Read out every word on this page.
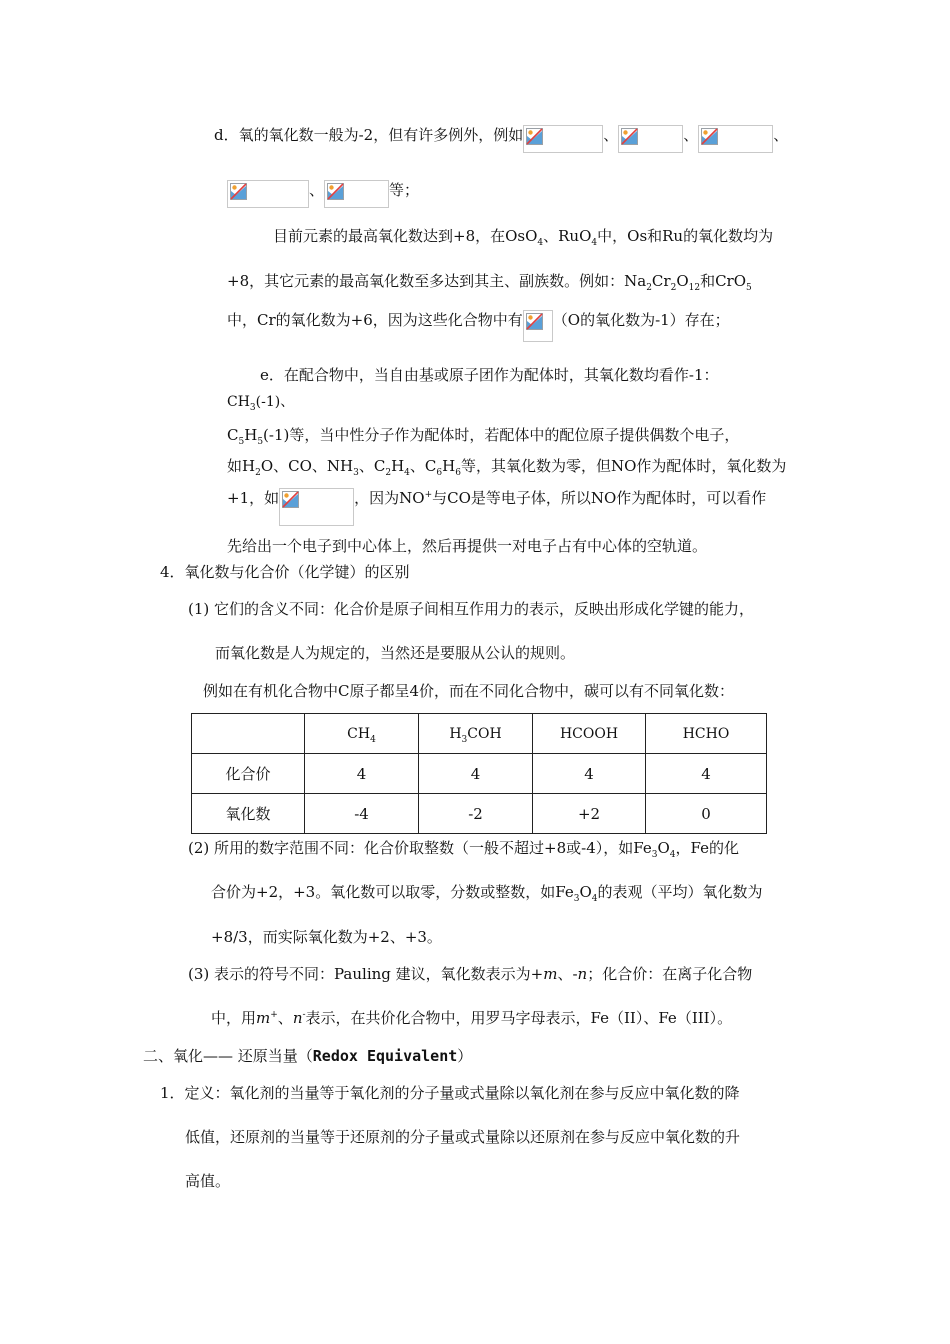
d．氧的氧化数一般为-2，但有许多例外，例如	、	、	、
、	等；
目前元素的最高氧化数达到+8，在OsO$_4$、RuO$_4$中，Os和Ru的氧化数均为
+8，其它元素的最高氧化数至多达到其主、副族数。例如：$Na_2Cr_2O_{12}$和CrO$_5$
中，Cr的氧化数为+6，因为这些化合物中有 （O的氧化数为-1）存在；
e．在配合物中，当自由基或原子团作为配体时，其氧化数均看作-1：
$CH_3(-1)$、
$C_5H_5(-1)$等，当中性分子作为配体时，若配体中的配位原子提供偶数个电子，
如$H_2O$、CO、$NH_3$、$C_2H_4$、$C_6H_6$等，其氧化数为零，但NO作为配体时，氧化数为
+1，如	，因为NO+与CO是等电子体，所以NO作为配体时，可以看作
先给出一个电子到中心体上，然后再提供一对电子占有中心体的空轨道。
4．氧化数与化合价（化学键）的区别
(1) 它们的含义不同：化合价是原子间相互作用力的表示，反映出形成化学键的能力，
而氧化数是人为规定的，当然还是要服从公认的规则。
例如在有机化合物中C原子都呈4价，而在不同化合物中，碳可以有不同氧化数：
	$CH_4$	$H_3COH$	HCOOH	HCHO
化合价	4	4	4	4
氧化数	-4	-2	+2	0
(2) 所用的数字范围不同：化合价取整数（一般不超过+8或-4），如$Fe_3O_4$，Fe的化
合价为+2，+3。氧化数可以取零，分数或整数，如$Fe_3O_4$的表观（平均）氧化数为
+8/3，而实际氧化数为+2、+3。
(3) 表示的符号不同：Pauling 建议，氧化数表示为+m、-n；化合价：在离子化合物
中，用m+、n-表示，在共价化合物中，用罗马字母表示，Fe（II）、Fe（III）。
二、氧化—— 还原当量（Redox Equivalent）
1．定义：氧化剂的当量等于氧化剂的分子量或式量除以氧化剂在参与反应中氧化数的降
低值，还原剂的当量等于还原剂的分子量或式量除以还原剂在参与反应中氧化数的升
高值。
